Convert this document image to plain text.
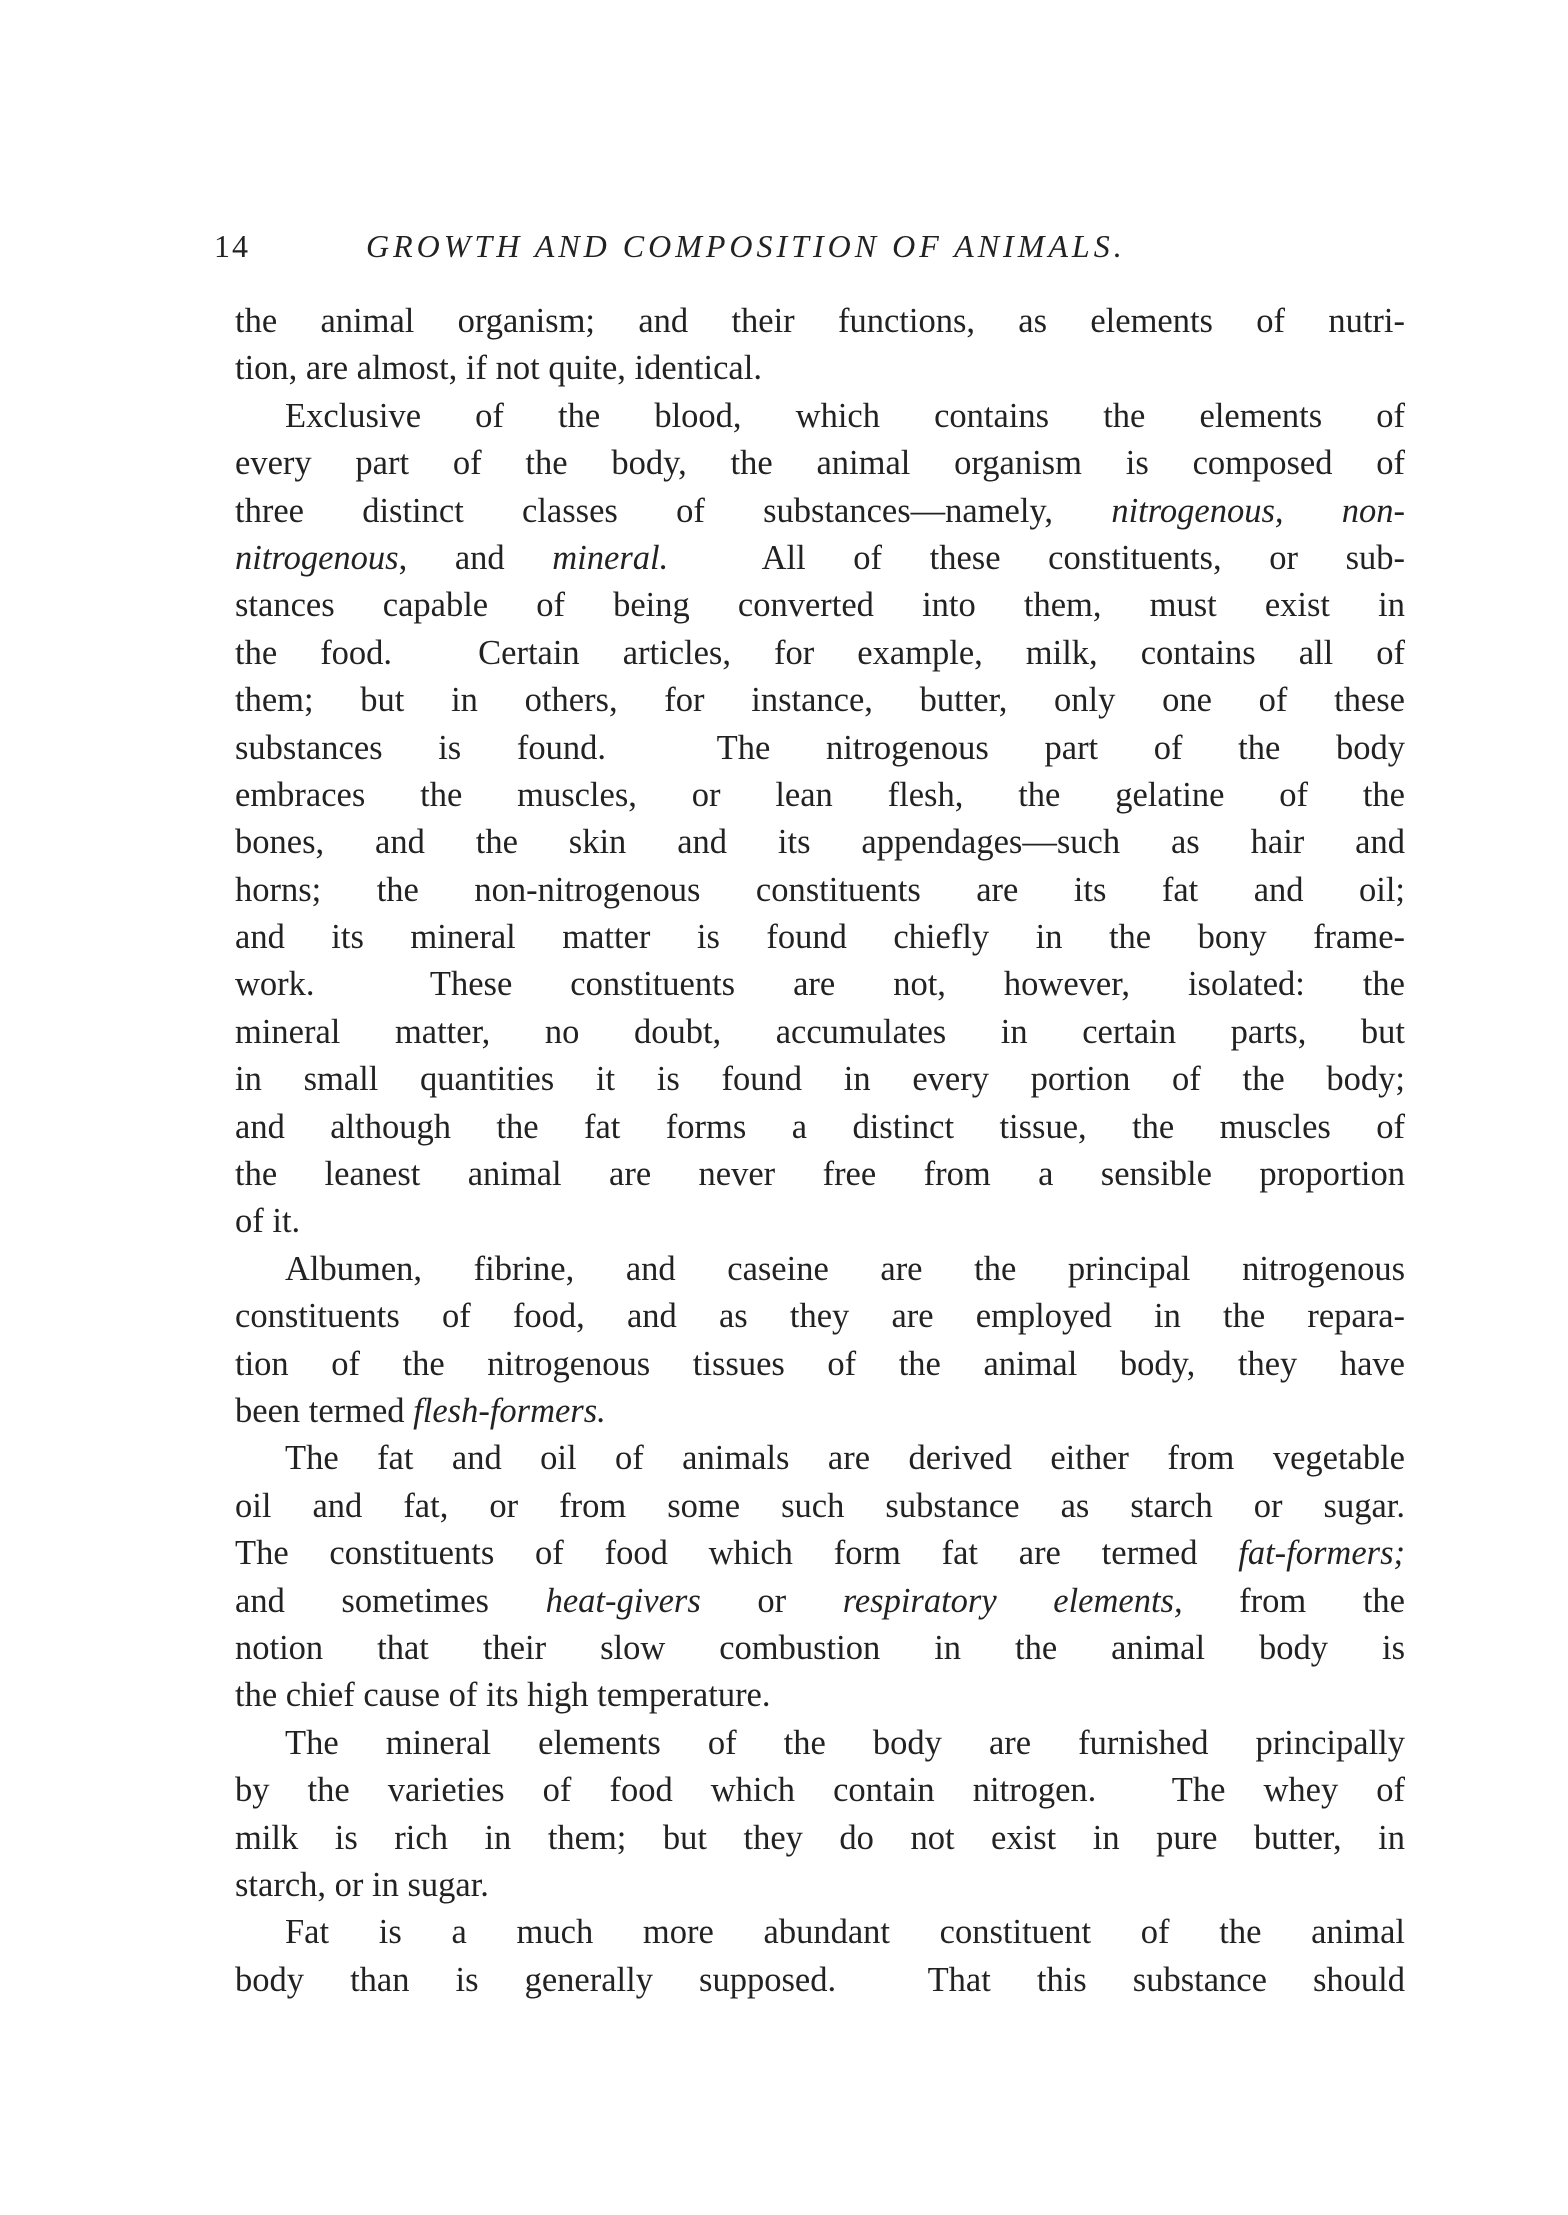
14	GROWTH AND COMPOSITION OF ANIMALS.
the animal organism; and their functions, as elements of nutri-
tion, are almost, if not quite, identical.
Exclusive of the blood, which contains the elements of
every part of the body, the animal organism is composed of
three distinct classes of substances—namely, nitrogenous, non-
nitrogenous, and mineral.  All of these constituents, or sub-
stances capable of being converted into them, must exist in
the food.  Certain articles, for example, milk, contains all of
them; but in others, for instance, butter, only one of these
substances is found.  The nitrogenous part of the body
embraces the muscles, or lean flesh, the gelatine of the
bones, and the skin and its appendages—such as hair and
horns; the non-nitrogenous constituents are its fat and oil;
and its mineral matter is found chiefly in the bony frame-
work.  These constituents are not, however, isolated: the
mineral matter, no doubt, accumulates in certain parts, but
in small quantities it is found in every portion of the body;
and although the fat forms a distinct tissue, the muscles of
the leanest animal are never free from a sensible proportion
of it.
Albumen, fibrine, and caseine are the principal nitrogenous
constituents of food, and as they are employed in the repara-
tion of the nitrogenous tissues of the animal body, they have
been termed flesh-formers.
The fat and oil of animals are derived either from vegetable
oil and fat, or from some such substance as starch or sugar.
The constituents of food which form fat are termed fat-formers;
and sometimes heat-givers or respiratory elements, from the
notion that their slow combustion in the animal body is
the chief cause of its high temperature.
The mineral elements of the body are furnished principally
by the varieties of food which contain nitrogen.  The whey of
milk is rich in them; but they do not exist in pure butter, in
starch, or in sugar.
Fat is a much more abundant constituent of the animal
body than is generally supposed.  That this substance should
